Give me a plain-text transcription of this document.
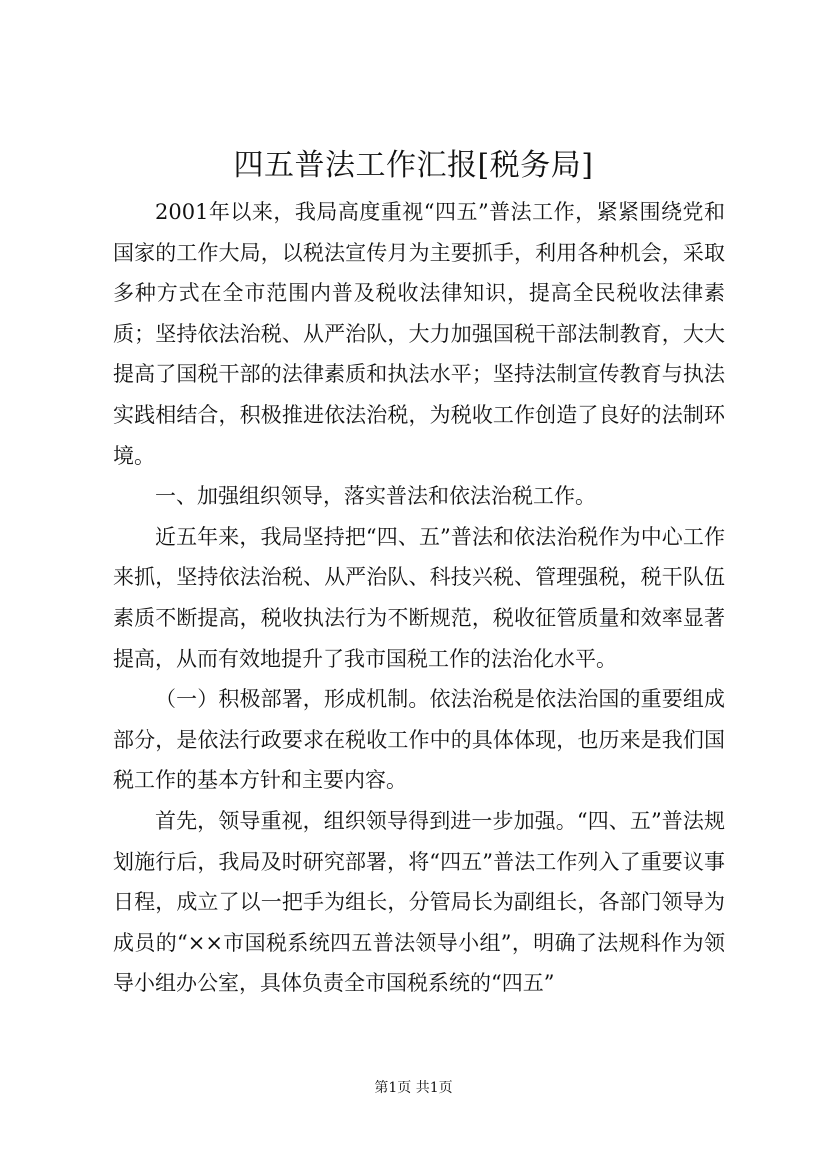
四五普法工作汇报[税务局]

2001年以来，我局高度重视“四五”普法工作，紧紧围绕党和国家的工作大局，以税法宣传月为主要抓手，利用各种机会，采取多种方式在全市范围内普及税收法律知识，提高全民税收法律素质；坚持依法治税、从严治队，大力加强国税干部法制教育，大大提高了国税干部的法律素质和执法水平；坚持法制宣传教育与执法实践相结合，积极推进依法治税，为税收工作创造了良好的法制环境。

一、加强组织领导，落实普法和依法治税工作。

近五年来，我局坚持把“四、五”普法和依法治税作为中心工作来抓，坚持依法治税、从严治队、科技兴税、管理强税，税干队伍素质不断提高，税收执法行为不断规范，税收征管质量和效率显著提高，从而有效地提升了我市国税工作的法治化水平。

（一）积极部署，形成机制。依法治税是依法治国的重要组成部分，是依法行政要求在税收工作中的具体体现，也历来是我们国税工作的基本方针和主要内容。

首先，领导重视，组织领导得到进一步加强。“四、五”普法规划施行后，我局及时研究部署，将“四五”普法工作列入了重要议事日程，成立了以一把手为组长，分管局长为副组长，各部门领导为成员的“××市国税系统四五普法领导小组”，明确了法规科作为领导小组办公室，具体负责全市国税系统的“四五”

第1页 共1页
